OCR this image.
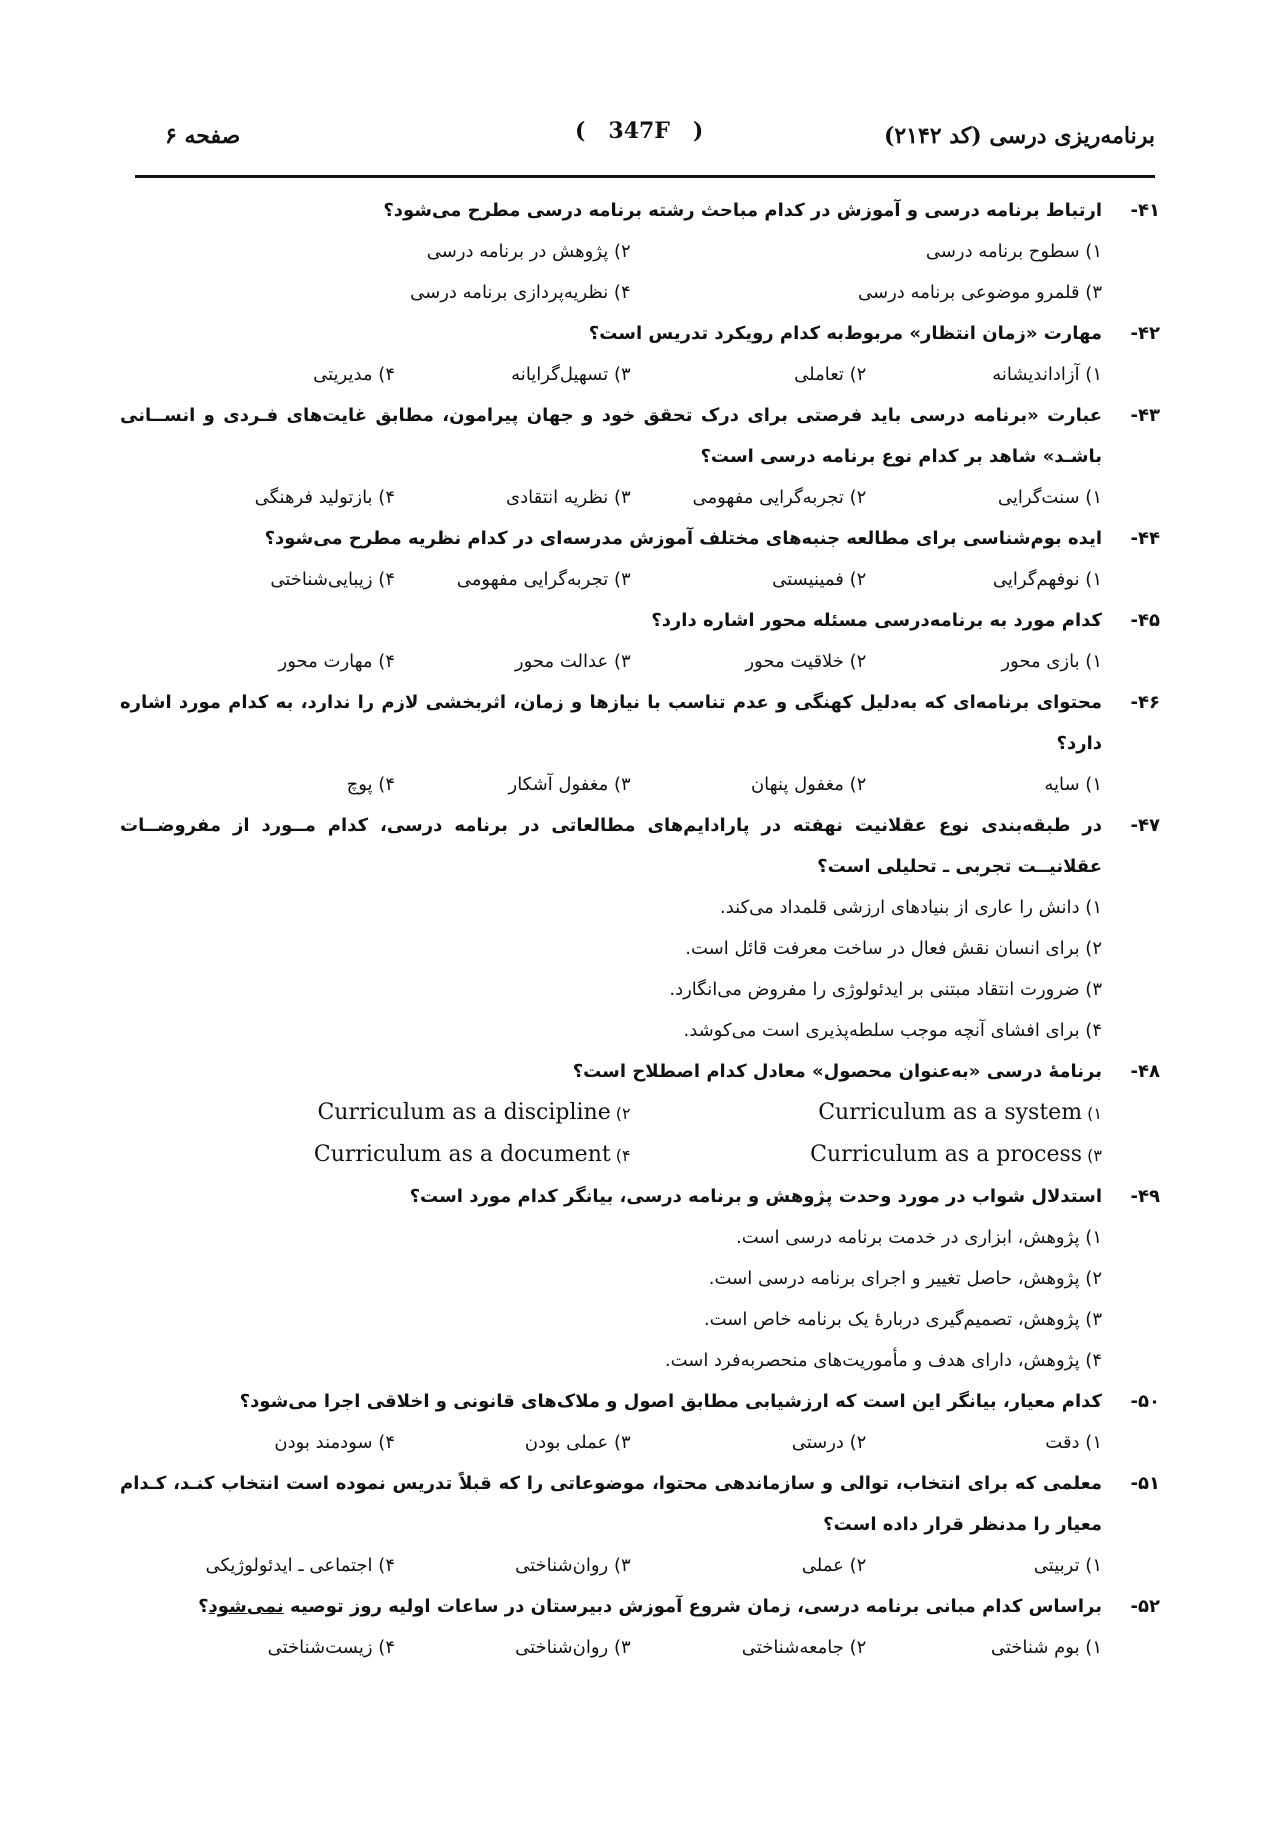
برنامه‌ریزی درسی (کد ۲۱۴۲)
(   347F   )
صفحه ۶
۴۱-
ارتباط برنامه درسی و آموزش در کدام مباحث رشته برنامه درسی مطرح می‌شود؟
۱) سطوح برنامه درسی
۲) پژوهش در برنامه درسی
۳) قلمرو موضوعی برنامه درسی
۴) نظریه‌پردازی برنامه درسی
۴۲-
مهارت «زمان انتظار» مربوط‌به کدام رویکرد تدریس است؟
۱) آزاداندیشانه
۲) تعاملی
۳) تسهیل‌گرایانه
۴) مدیریتی
۴۳-
عبارت «برنامه درسی باید فرصتی برای درک تحقق خود و جهان پیرامون، مطابق غایت‌های فـردی و انســانی باشـد» شاهد بر کدام نوع برنامه درسی است؟
۱) سنت‌گرایی
۲) تجربه‌گرایی مفهومی
۳) نظریه انتقادی
۴) بازتولید فرهنگی
۴۴-
ایده بوم‌شناسی برای مطالعه جنبه‌های مختلف آموزش مدرسه‌ای در کدام نظریه مطرح می‌شود؟
۱) نوفهم‌گرایی
۲) فمینیستی
۳) تجربه‌گرایی مفهومی
۴) زیبایی‌شناختی
۴۵-
کدام مورد به برنامه‌درسی مسئله محور اشاره دارد؟
۱) بازی محور
۲) خلاقیت محور
۳) عدالت محور
۴) مهارت محور
۴۶-
محتوای برنامه‌ای که به‌دلیل کهنگی و عدم تناسب با نیازها و زمان، اثربخشی لازم را ندارد، به کدام مورد اشاره دارد؟
۱) سایه
۲) مغفول پنهان
۳) مغفول آشکار
۴) پوچ
۴۷-
در طبقه‌بندی نوع عقلانیت نهفته در پارادایم‌های مطالعاتی در برنامه درسی، کدام مــورد از مفروضــات عقلانیــت تجربی ـ تحلیلی است؟
۱) دانش را عاری از بنیادهای ارزشی قلمداد می‌کند.
۲) برای انسان نقش فعال در ساخت معرفت قائل است.
۳) ضرورت انتقاد مبتنی بر ایدئولوژی را مفروض می‌انگارد.
۴) برای افشای آنچه موجب سلطه‌پذیری است می‌کوشد.
۴۸-
برنامهٔ درسی «به‌عنوان محصول» معادل کدام اصطلاح است؟
۱) Curriculum as a system
۲) Curriculum as a discipline
۳) Curriculum as a process
۴) Curriculum as a document
۴۹-
استدلال شواب در مورد وحدت پژوهش و برنامه درسی، بیانگر کدام مورد است؟
۱) پژوهش، ابزاری در خدمت برنامه درسی است.
۲) پژوهش، حاصل تغییر و اجرای برنامه درسی است.
۳) پژوهش، تصمیم‌گیری دربارهٔ یک برنامه خاص است.
۴) پژوهش، دارای هدف و مأموریت‌های منحصربه‌فرد است.
۵۰-
کدام معیار، بیانگر این است که ارزشیابی مطابق اصول و ملاک‌های قانونی و اخلاقی اجرا می‌شود؟
۱) دقت
۲) درستی
۳) عملی بودن
۴) سودمند بودن
۵۱-
معلمی که برای انتخاب، توالی و سازماندهی محتوا، موضوعاتی را که قبلاً تدریس نموده است انتخاب کنـد، کـدام معیار را مدنظر قرار داده است؟
۱) تربیتی
۲) عملی
۳) روان‌شناختی
۴) اجتماعی ـ ایدئولوژیکی
۵۲-
براساس کدام مبانی برنامه درسی، زمان شروع آموزش دبیرستان در ساعات اولیه روز توصیه نمی‌شود؟
۱) بوم شناختی
۲) جامعه‌شناختی
۳) روان‌شناختی
۴) زیست‌شناختی
